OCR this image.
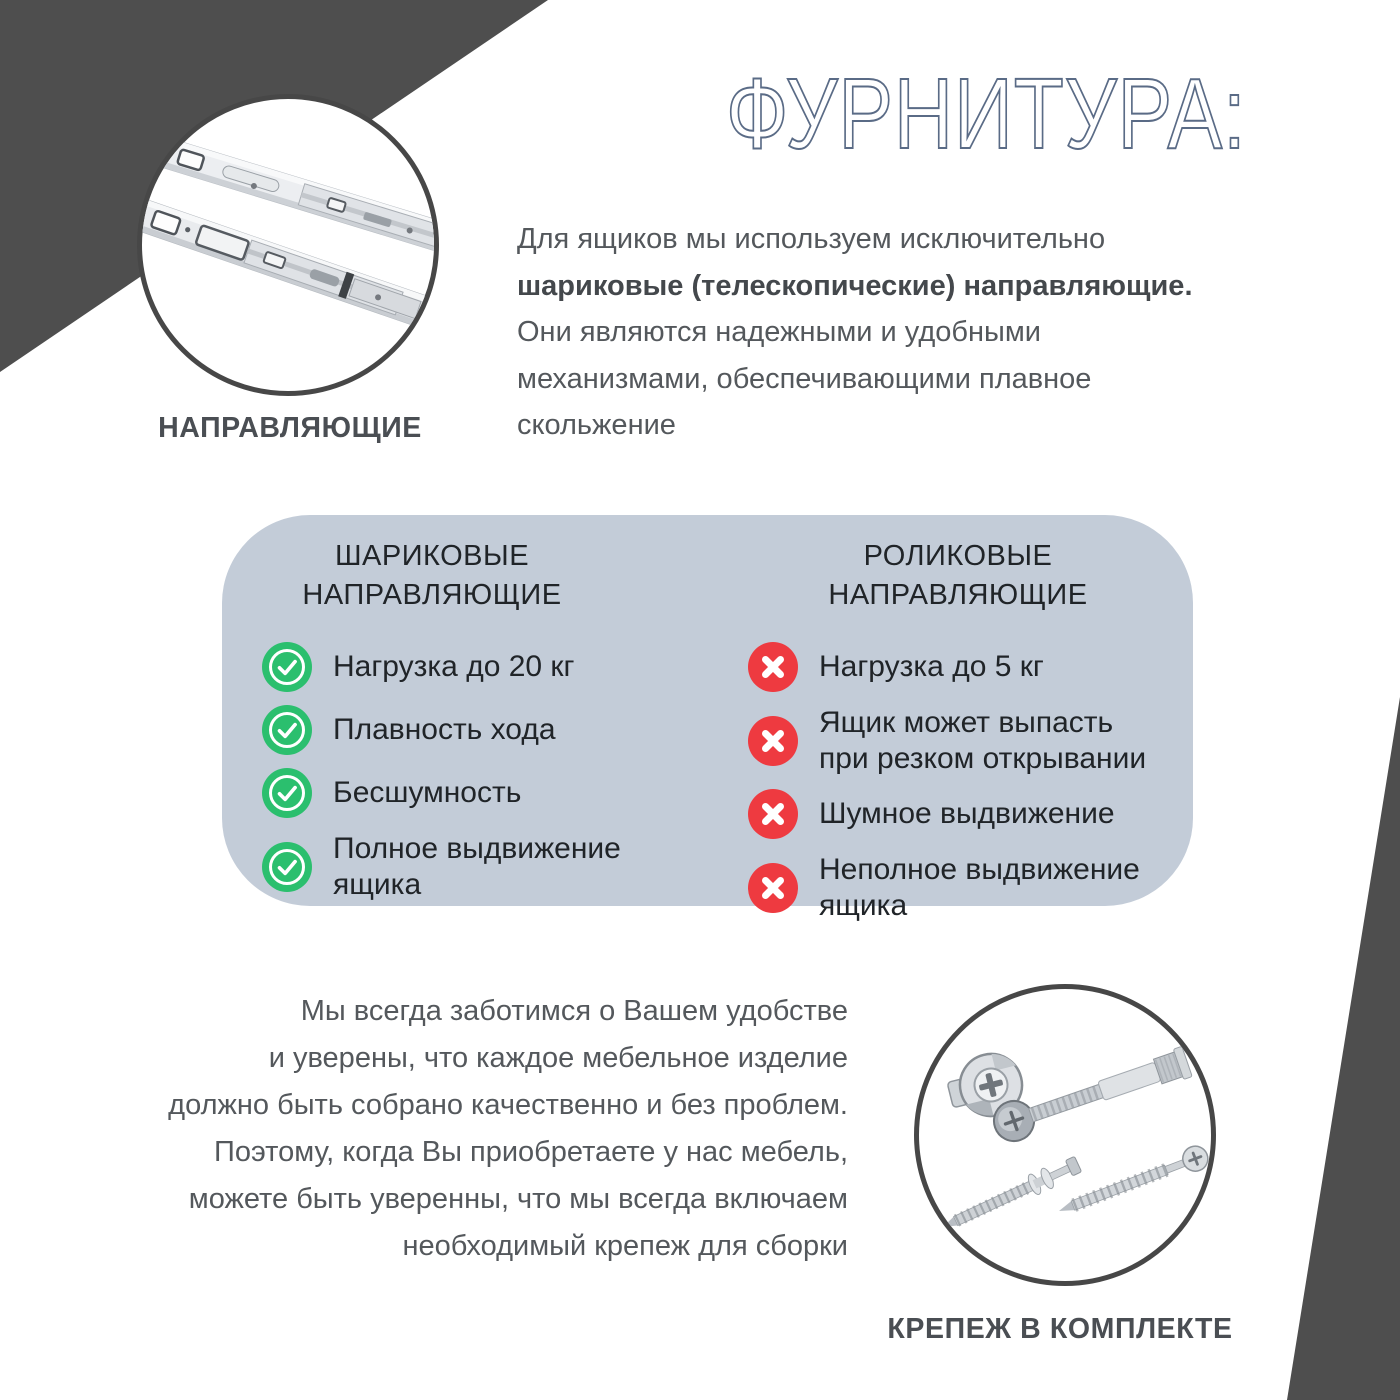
ФУРНИТУРА:
НАПРАВЛЯЮЩИЕ
Для ящиков мы используем исключительно
шариковые (телескопические) направляющие.
Они являются надежными и удобными
механизмами, обеспечивающими плавное
скольжение
ШАРИКОВЫЕ
НАПРАВЛЯЮЩИЕ
Нагрузка до 20 кг
Плавность хода
Бесшумность
Полное выдвижение ящика
РОЛИКОВЫЕ
НАПРАВЛЯЮЩИЕ
Нагрузка до 5 кг
Ящик может выпасть при резком открывании
Шумное выдвижение
Неполное выдвижение ящика
Мы всегда заботимся о Вашем удобстве
и уверены, что каждое мебельное изделие
должно быть собрано качественно и без проблем.
Поэтому, когда Вы приобретаете у нас мебель,
можете быть уверенны, что мы всегда включаем
необходимый крепеж для сборки
КРЕПЕЖ В КОМПЛЕКТЕ
